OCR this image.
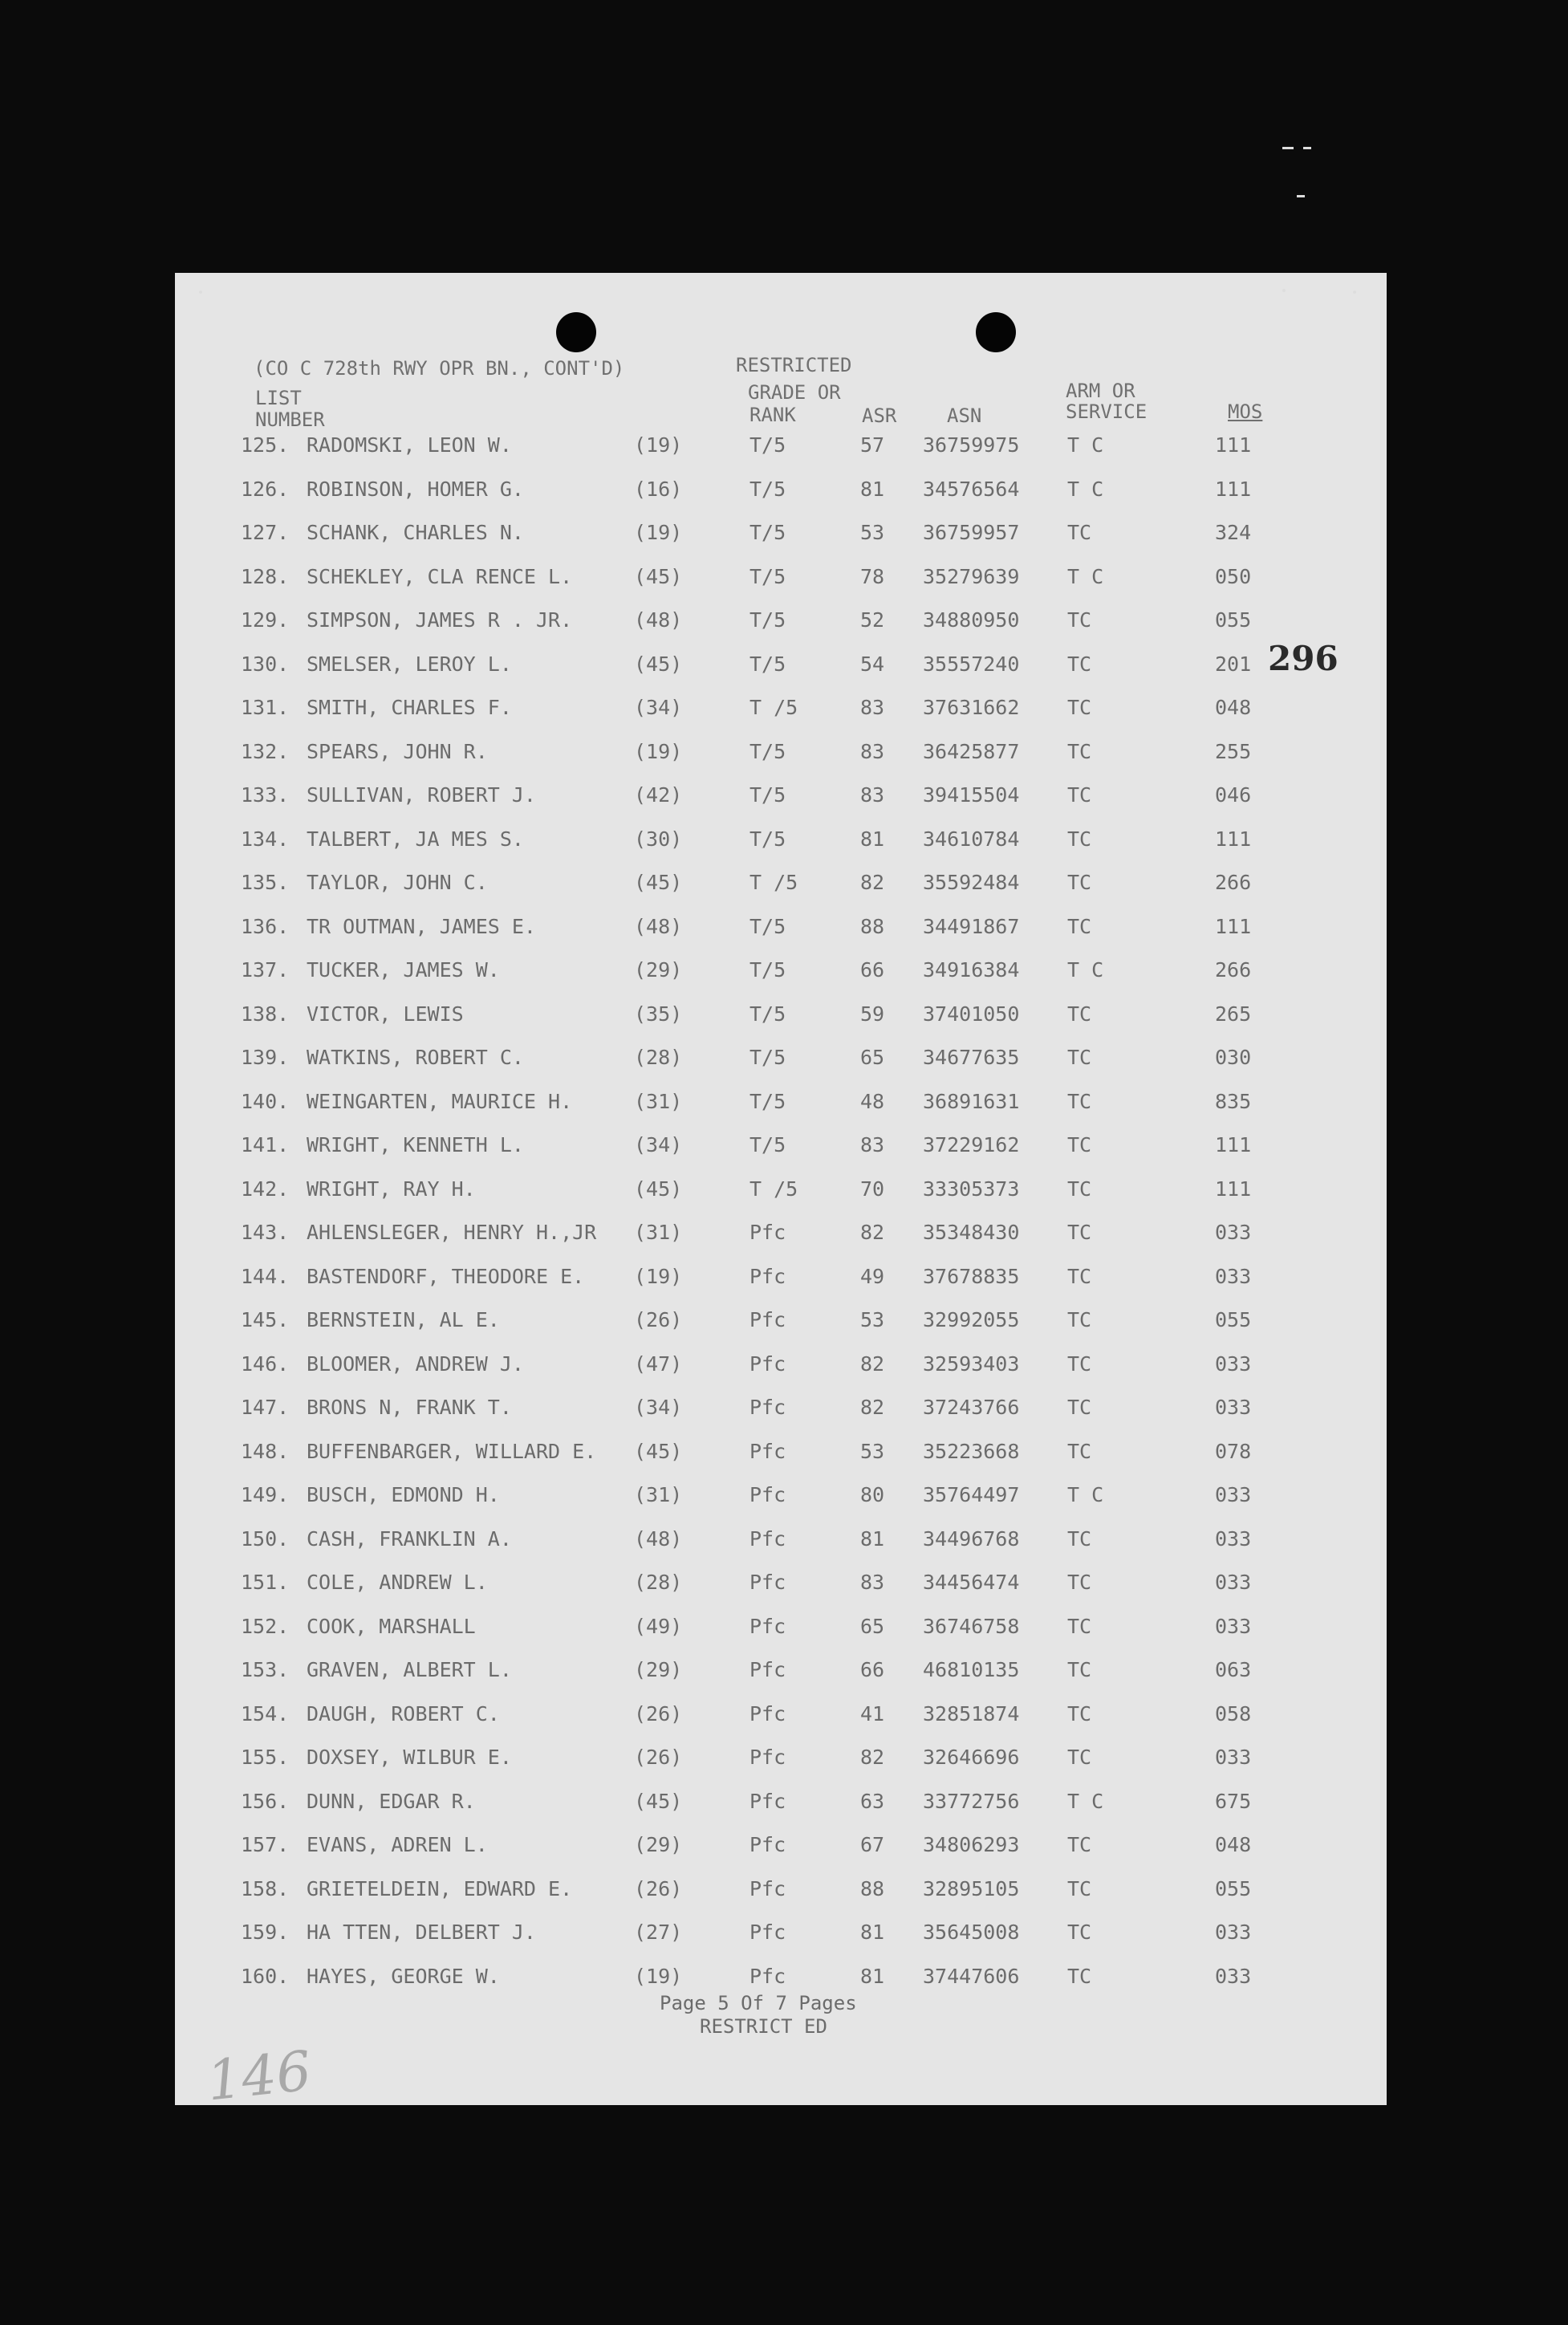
(CO C 728th RWY OPR BN., CONT'D)	RESTRICTED
LIST
NUMBER
GRADE OR
RANK	ASR	ASN
ARM OR
SERVICE	MOS
125. RADOMSKI, LEON W.	(19)	T/5	57 36759975 T C	111
126. ROBINSON, HOMER G.	(16)	T/5	81 34576564 T C	111
127. SCHANK, CHARLES N.	(19)	T/5	53 36759957 TC	324
128. SCHEKLEY, CLA RENCE L.	(45)	T/5	78 35279639 T C	050
129. SIMPSON, JAMES R . JR.	(48)	T/5	52 34880950 TC	055
130. SMELSER, LEROY L.	(45)	T/5	54 35557240 TC	201
131. SMITH, CHARLES F.	(34)	T /5	83 37631662 TC	048
132. SPEARS, JOHN R.	(19)	T/5	83 36425877 TC	255
133. SULLIVAN, ROBERT J.	(42)	T/5	83 39415504 TC	046
134. TALBERT, JA MES S.	(30)	T/5	81 34610784 TC	111
135. TAYLOR, JOHN C.	(45)	T /5	82 35592484 TC	266
136. TR OUTMAN, JAMES E.	(48)	T/5	88 34491867 TC	111
137. TUCKER, JAMES W.	(29)	T/5	66 34916384 T C	266
138. VICTOR, LEWIS	(35)	T/5	59 37401050 TC	265
139. WATKINS, ROBERT C.	(28)	T/5	65 34677635 TC	030
140. WEINGARTEN, MAURICE H.	(31)	T/5	48 36891631 TC	835
141. WRIGHT, KENNETH L.	(34)	T/5	83 37229162 TC	111
142. WRIGHT, RAY H.	(45)	T /5	70 33305373 TC	111
143. AHLENSLEGER, HENRY H.,JR (31)	Pfc	82 35348430 TC	033
144. BASTENDORF, THEODORE E. (19)	Pfc	49 37678835 TC	033
145. BERNSTEIN, AL E.	(26)	Pfc	53 32992055 TC	055
146. BLOOMER, ANDREW J.	(47)	Pfc	82 32593403 TC	033
147. BRONS N, FRANK T.	(34)	Pfc	82 37243766 TC	033
148. BUFFENBARGER, WILLARD E. (45)	Pfc	53 35223668 TC	078
149. BUSCH, EDMOND H.	(31)	Pfc	80 35764497 T C	033
150. CASH, FRANKLIN A.	(48)	Pfc	81 34496768 TC	033
151. COLE, ANDREW L.	(28)	Pfc	83 34456474 TC	033
152. COOK, MARSHALL	(49)	Pfc	65 36746758 TC	033
153. GRAVEN, ALBERT L.	(29)	Pfc	66 46810135 TC	063
154. DAUGH, ROBERT C.	(26)	Pfc	41 32851874 TC	058
155. DOXSEY, WILBUR E.	(26)	Pfc	82 32646696 TC	033
156. DUNN, EDGAR R.	(45)	Pfc	63 33772756 T C	675
157. EVANS, ADREN L.	(29)	Pfc	67 34806293 TC	048
158. GRIETELDEIN, EDWARD E.	(26)	Pfc	88 32895105 TC	055
159. HA TTEN, DELBERT J.	(27)	Pfc	81 35645008 TC	033
160. HAYES, GEORGE W.	(19)	Pfc	81 37447606 TC	033
Page 5 Of 7 Pages
RESTRICT ED
296
146
